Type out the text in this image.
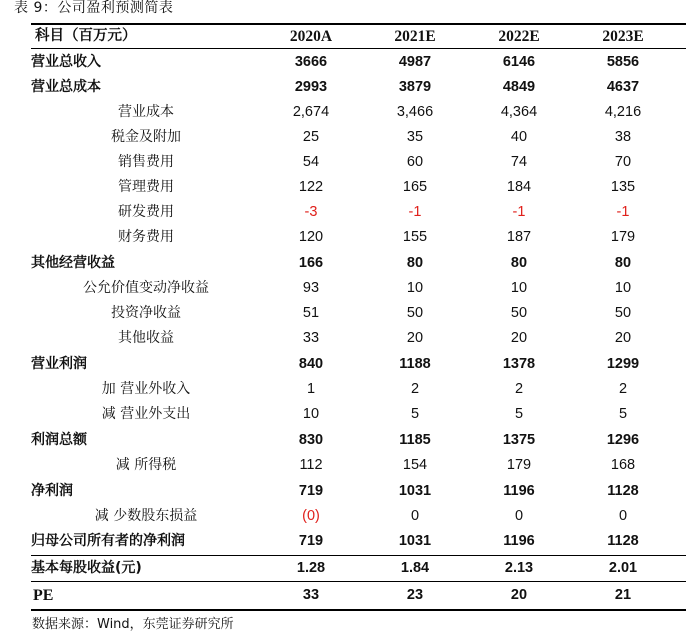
表 9：公司盈利预测简表
科目（百万元）	2020A	2021E	2022E	2023E
营业总收入	3666	4987	6146	5856
营业总成本	2993	3879	4849	4637
营业成本	2,674	3,466	4,364	4,216
税金及附加	25	35	40	38
销售费用	54	60	74	70
管理费用	122	165	184	135
研发费用	-3	-1	-1	-1
财务费用	120	155	187	179
其他经营收益	166	80	80	80
公允价值变动净收益	93	10	10	10
投资净收益	51	50	50	50
其他收益	33	20	20	20
营业利润	840	1188	1378	1299
加 营业外收入	1	2	2	2
减 营业外支出	10	5	5	5
利润总额	830	1185	1375	1296
减 所得税	112	154	179	168
净利润	719	1031	1196	1128
减 少数股东损益	(0)	0	0	0
归母公司所有者的净利润	719	1031	1196	1128
基本每股收益(元)	1.28	1.84	2.13	2.01
PE	33	23	20	21
数据来源：Wind，东莞证券研究所
